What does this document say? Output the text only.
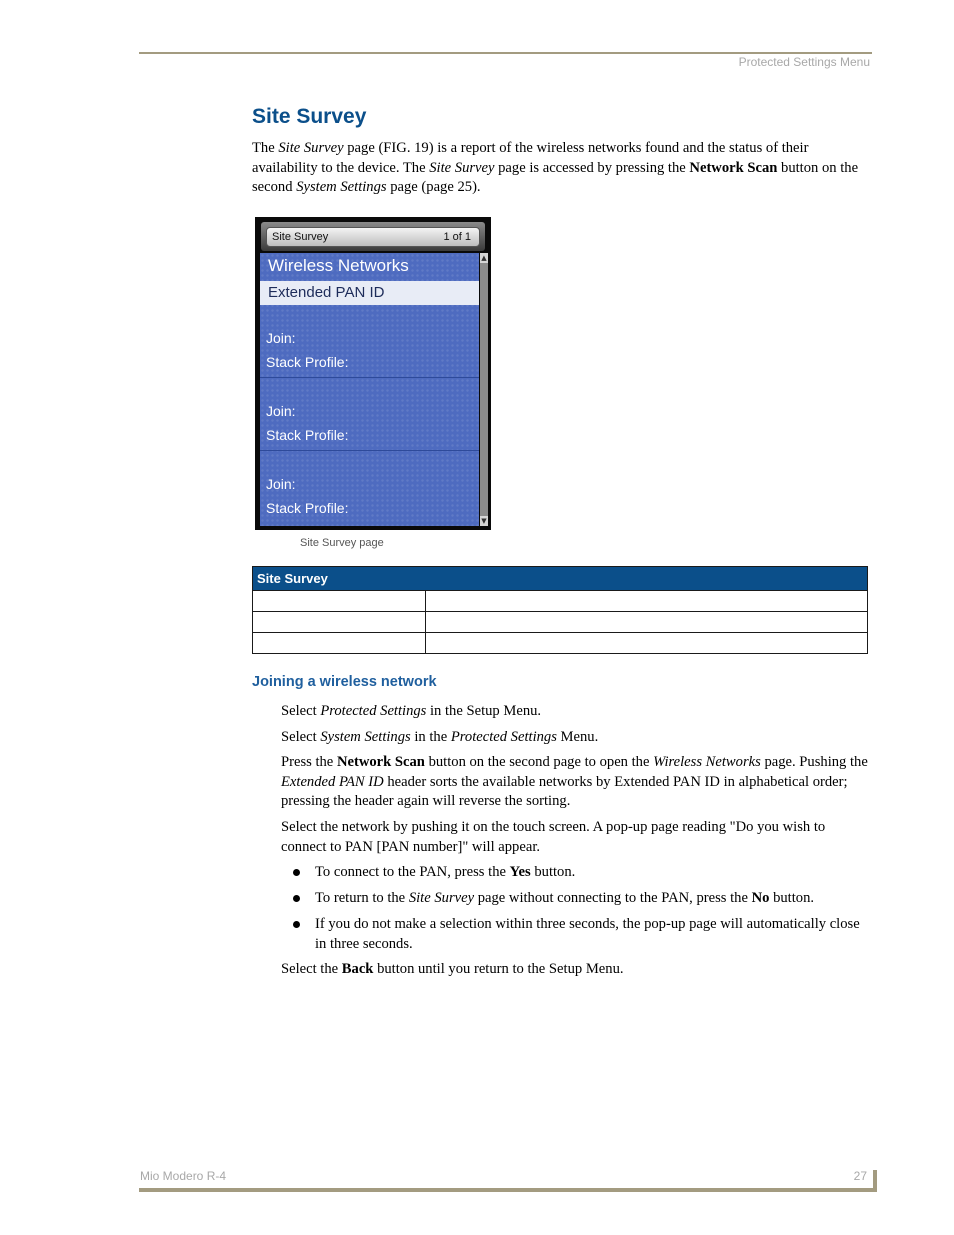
Protected Settings Menu
Site Survey
The Site Survey page (FIG. 19) is a report of the wireless networks found and the status of their availability to the device. The Site Survey page is accessed by pressing the Network Scan button on the second System Settings page (page 25).
Site Survey	1 of 1
Wireless Networks
Extended PAN ID
Join:
Stack Profile:
Join:
Stack Profile:
Join:
Stack Profile:
▲
▼
Site Survey page
Site Survey	

Joining a wireless network
Select Protected Settings in the Setup Menu.
Select System Settings in the Protected Settings Menu.
Press the Network Scan button on the second page to open the Wireless Networks page. Pushing the Extended PAN ID header sorts the available networks by Extended PAN ID in alphabetical order; pressing the header again will reverse the sorting.
Select the network by pushing it on the touch screen. A pop-up page reading "Do you wish to connect to PAN [PAN number]" will appear.
To connect to the PAN, press the Yes button.
To return to the Site Survey page without connecting to the PAN, press the No button.
If you do not make a selection within three seconds, the pop-up page will automatically close in three seconds.
Select the Back button until you return to the Setup Menu.
Mio Modero R-4	27
